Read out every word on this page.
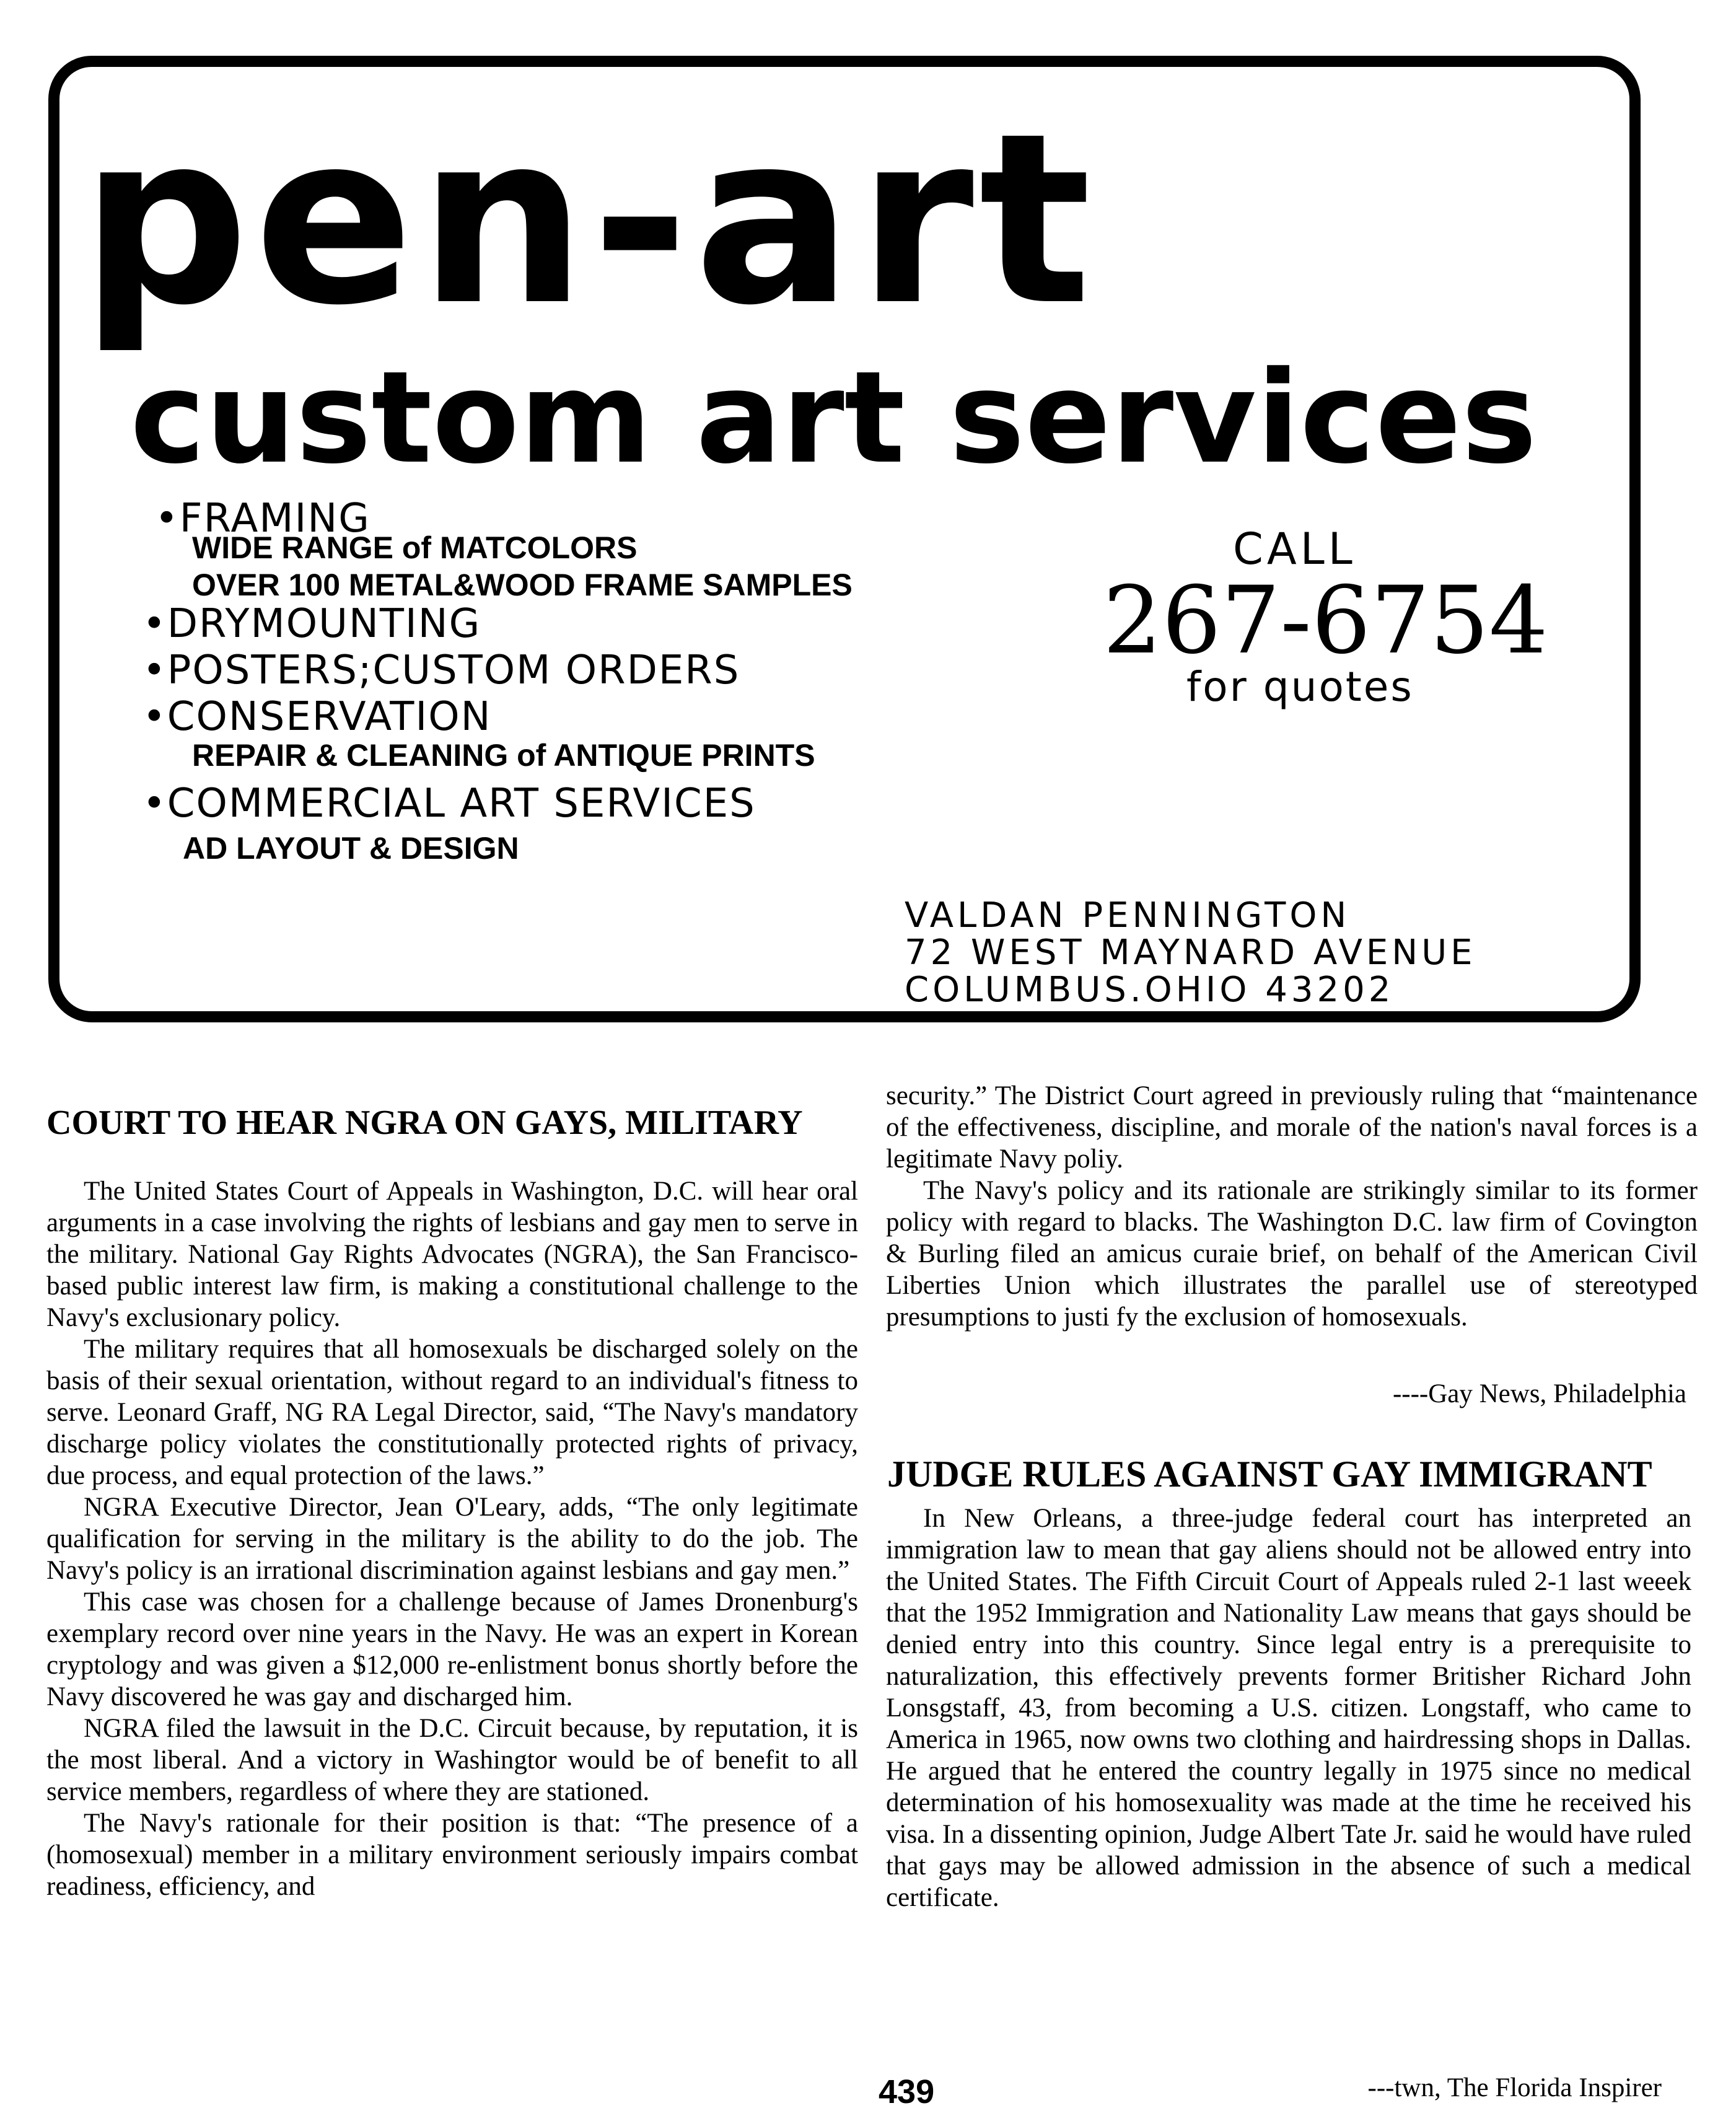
pen-art
custom art services
•FRAMING
WIDE RANGE of MATCOLORS
OVER 100 METAL&WOOD FRAME SAMPLES
•DRYMOUNTING
•POSTERS;CUSTOM ORDERS
•CONSERVATION
REPAIR & CLEANING of ANTIQUE PRINTS
•COMMERCIAL ART SERVICES
AD LAYOUT & DESIGN
CALL
267-6754
for quotes
VALDAN PENNINGTON
72 WEST MAYNARD AVENUE
COLUMBUS.OHIO 43202
COURT TO HEAR NGRA ON GAYS, MILITARY

The United States Court of Appeals in Washington, D.C. will hear oral arguments in a case involving the rights of lesbians and gay men to serve in the military. National Gay Rights Advocates (NGRA), the San Francisco-based public interest law firm, is making a constitutional challenge to the Navy's exclusionary policy.

The military requires that all homosexuals be discharged solely on the basis of their sexual orientation, without regard to an individual's fitness to serve. Leonard Graff, NG RA Legal Director, said, “The Navy's mandatory discharge policy violates the constitutionally protected rights of privacy, due process, and equal protection of the laws.”

NGRA Executive Director, Jean O'Leary, adds, “The only legitimate qualification for serving in the military is the ability to do the job. The Navy's policy is an irrational discrimination against lesbians and gay men.”

This case was chosen for a challenge because of James Dronenburg's exemplary record over nine years in the Navy. He was an expert in Korean cryptology and was given a $12,000 re-enlistment bonus shortly before the Navy discovered he was gay and discharged him.

NGRA filed the lawsuit in the D.C. Circuit because, by reputation, it is the most liberal. And a victory in Washingtor would be of benefit to all service members, regardless of where they are stationed.

The Navy's rationale for their position is that: “The presence of a (homosexual) member in a military environment seriously impairs combat readiness, efficiency, and

security.” The District Court agreed in previously ruling that “maintenance of the effectiveness, discipline, and morale of the nation's naval forces is a legitimate Navy poliy.

The Navy's policy and its rationale are strikingly similar to its former policy with regard to blacks. The Washington D.C. law firm of Covington & Burling filed an amicus curaie brief, on behalf of the American Civil Liberties Union which illustrates the parallel use of stereotyped presumptions to justi fy the exclusion of homosexuals.

----Gay News, Philadelphia
JUDGE RULES AGAINST GAY IMMIGRANT

In New Orleans, a three-judge federal court has interpreted an immigration law to mean that gay aliens should not be allowed entry into the United States. The Fifth Circuit Court of Appeals ruled 2-1 last weeek that the 1952 Immigration and Nationality Law means that gays should be denied entry into this country. Since legal entry is a prerequisite to naturalization, this effectively prevents former Britisher Richard John Lonsgstaff, 43, from becoming a U.S. citizen. Longstaff, who came to America in 1965, now owns two clothing and hairdressing shops in Dallas. He argued that he entered the country legally in 1975 since no medical determination of his homosexuality was made at the time he received his visa. In a dissenting opinion, Judge Albert Tate Jr. said he would have ruled that gays may be allowed admission in the absence of such a medical certificate.

---twn, The Florida Inspirer
439
